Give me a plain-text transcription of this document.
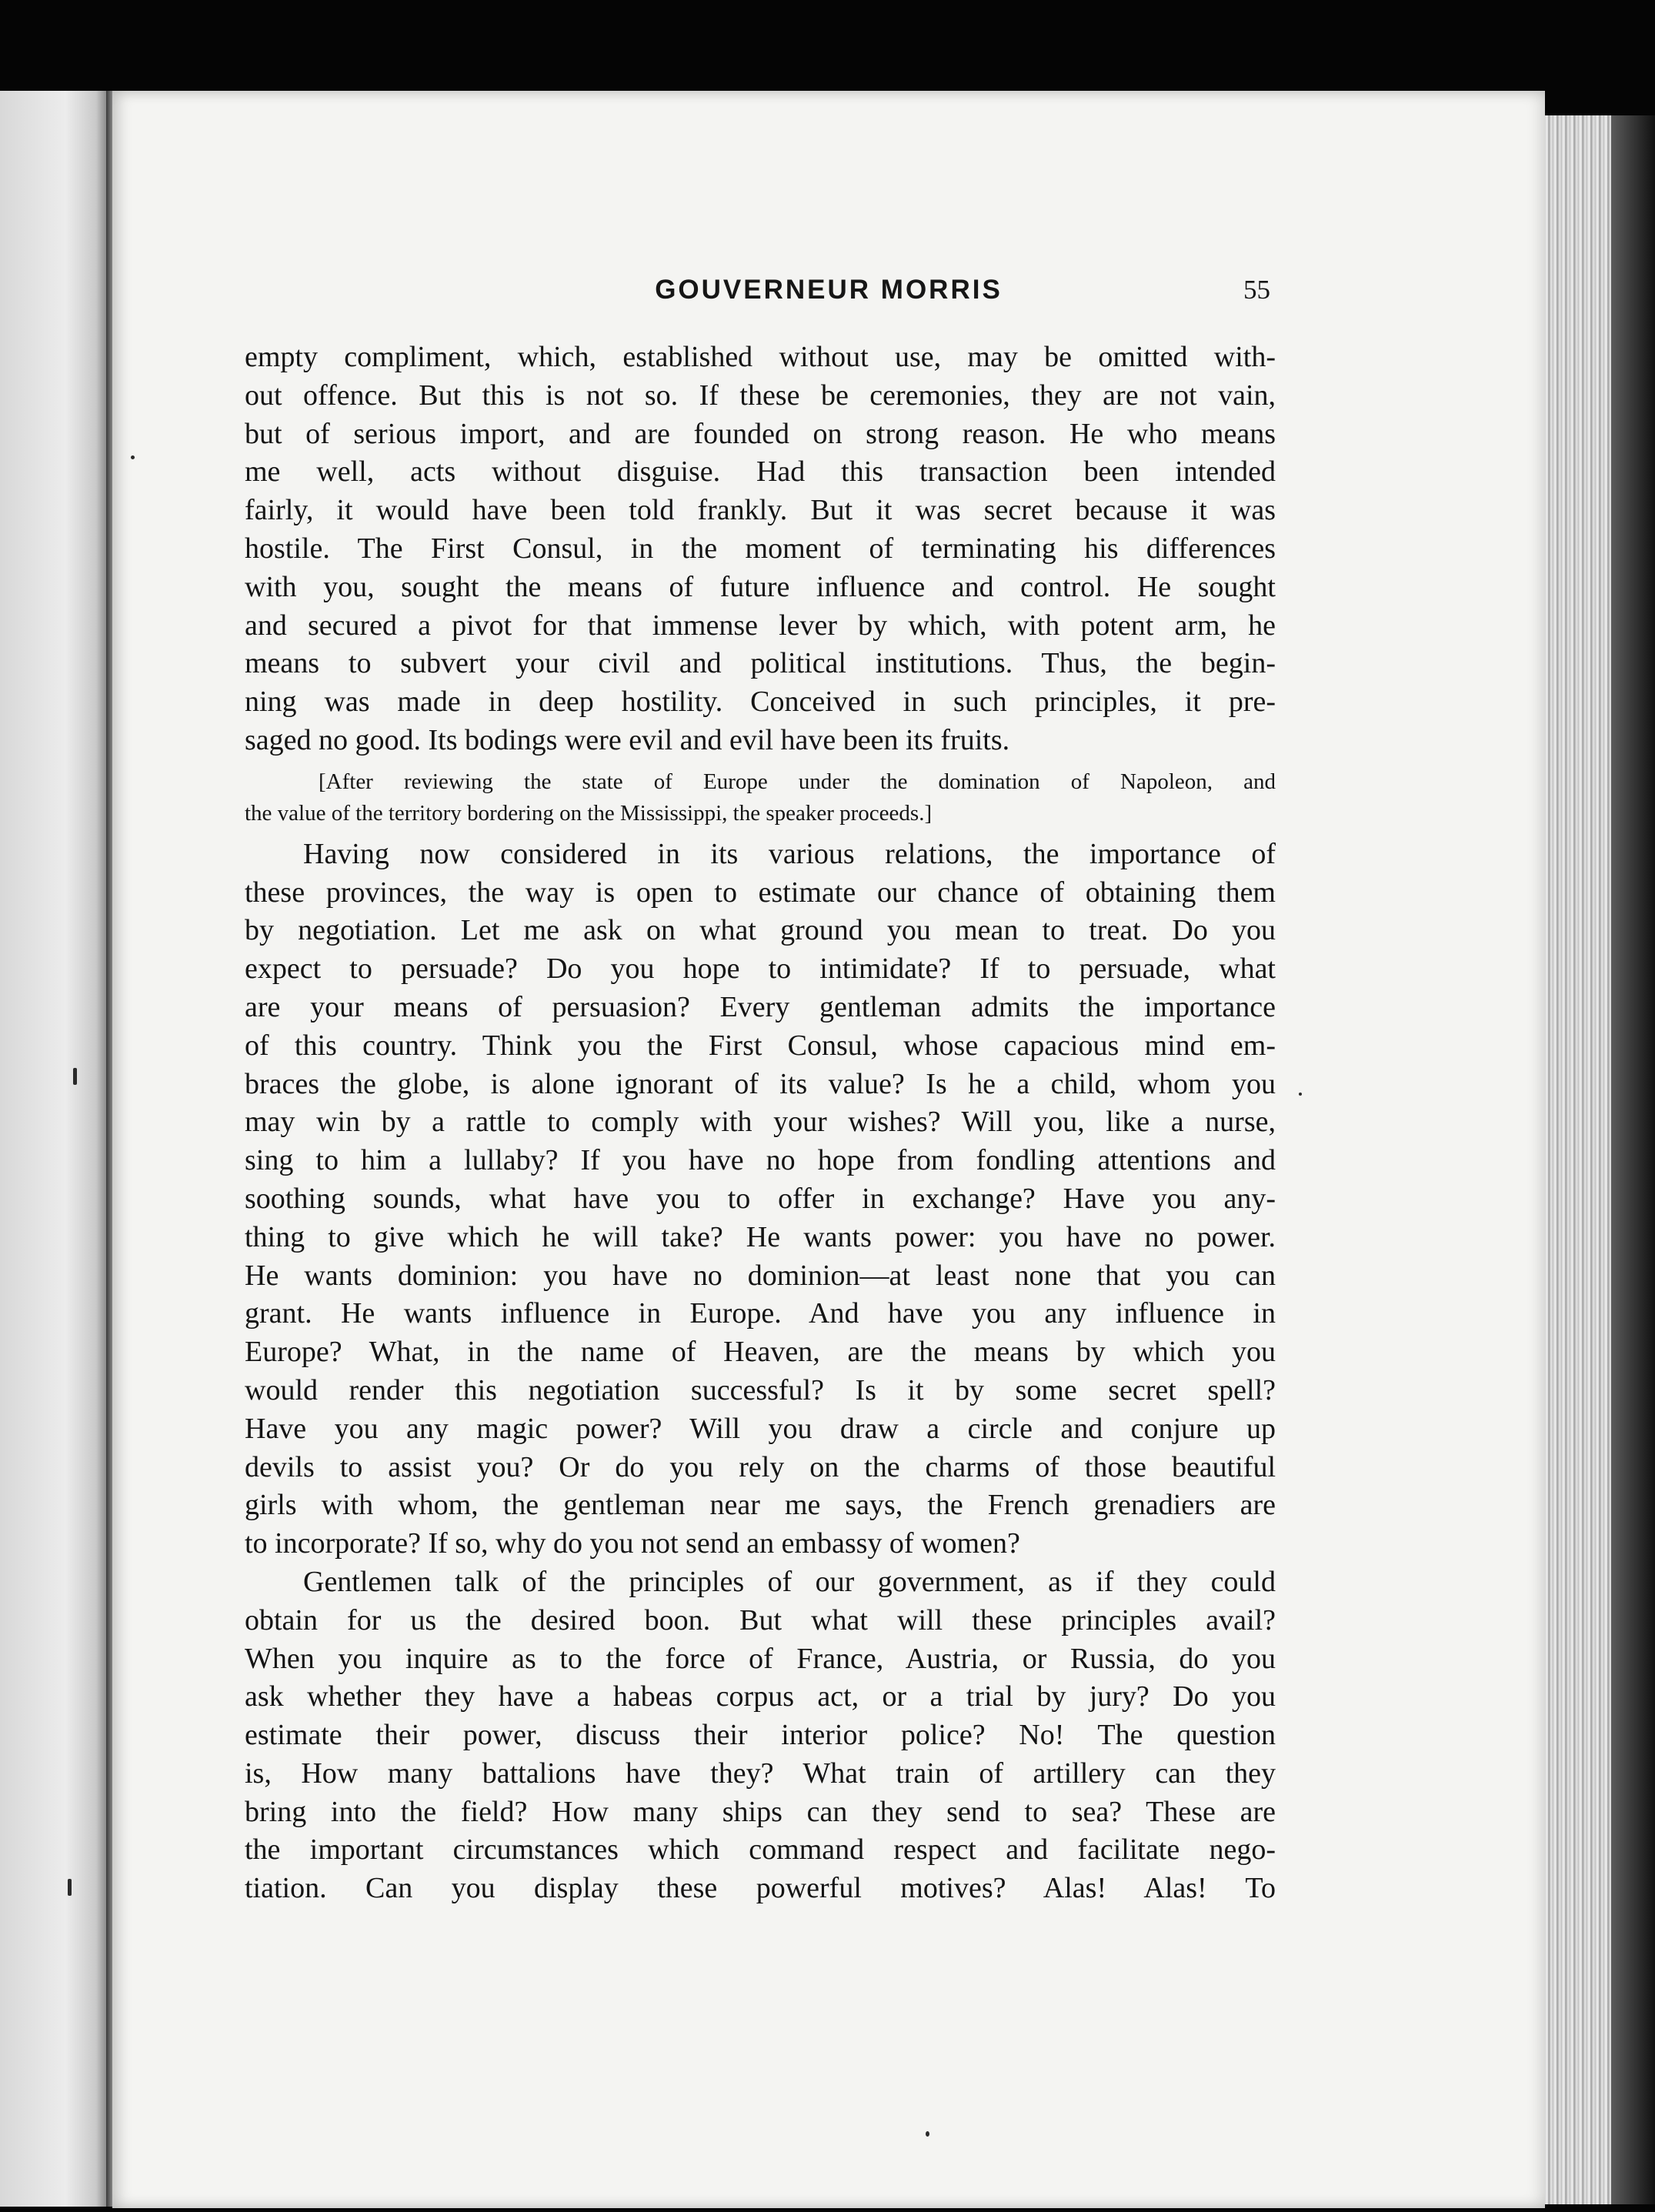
GOUVERNEUR MORRIS	55
empty compliment, which, established without use, may be omitted with-
out offence. But this is not so. If these be ceremonies, they are not vain,
but of serious import, and are founded on strong reason. He who means
me well, acts without disguise. Had this transaction been intended
fairly, it would have been told frankly. But it was secret because it was
hostile. The First Consul, in the moment of terminating his differences
with you, sought the means of future influence and control. He sought
and secured a pivot for that immense lever by which, with potent arm, he
means to subvert your civil and political institutions. Thus, the begin-
ning was made in deep hostility. Conceived in such principles, it pre-
saged no good. Its bodings were evil and evil have been its fruits.
[After reviewing the state of Europe under the domination of Napoleon, and
the value of the territory bordering on the Mississippi, the speaker proceeds.]
Having now considered in its various relations, the importance of
these provinces, the way is open to estimate our chance of obtaining them
by negotiation. Let me ask on what ground you mean to treat. Do you
expect to persuade? Do you hope to intimidate? If to persuade, what
are your means of persuasion? Every gentleman admits the importance
of this country. Think you the First Consul, whose capacious mind em-
braces the globe, is alone ignorant of its value? Is he a child, whom you
may win by a rattle to comply with your wishes? Will you, like a nurse,
sing to him a lullaby? If you have no hope from fondling attentions and
soothing sounds, what have you to offer in exchange? Have you any-
thing to give which he will take? He wants power: you have no power.
He wants dominion: you have no dominion—at least none that you can
grant. He wants influence in Europe. And have you any influence in
Europe? What, in the name of Heaven, are the means by which you
would render this negotiation successful? Is it by some secret spell?
Have you any magic power? Will you draw a circle and conjure up
devils to assist you? Or do you rely on the charms of those beautiful
girls with whom, the gentleman near me says, the French grenadiers are
to incorporate? If so, why do you not send an embassy of women?
Gentlemen talk of the principles of our government, as if they could
obtain for us the desired boon. But what will these principles avail?
When you inquire as to the force of France, Austria, or Russia, do you
ask whether they have a habeas corpus act, or a trial by jury? Do you
estimate their power, discuss their interior police? No! The question
is, How many battalions have they? What train of artillery can they
bring into the field? How many ships can they send to sea? These are
the important circumstances which command respect and facilitate nego-
tiation. Can you display these powerful motives? Alas! Alas! To
